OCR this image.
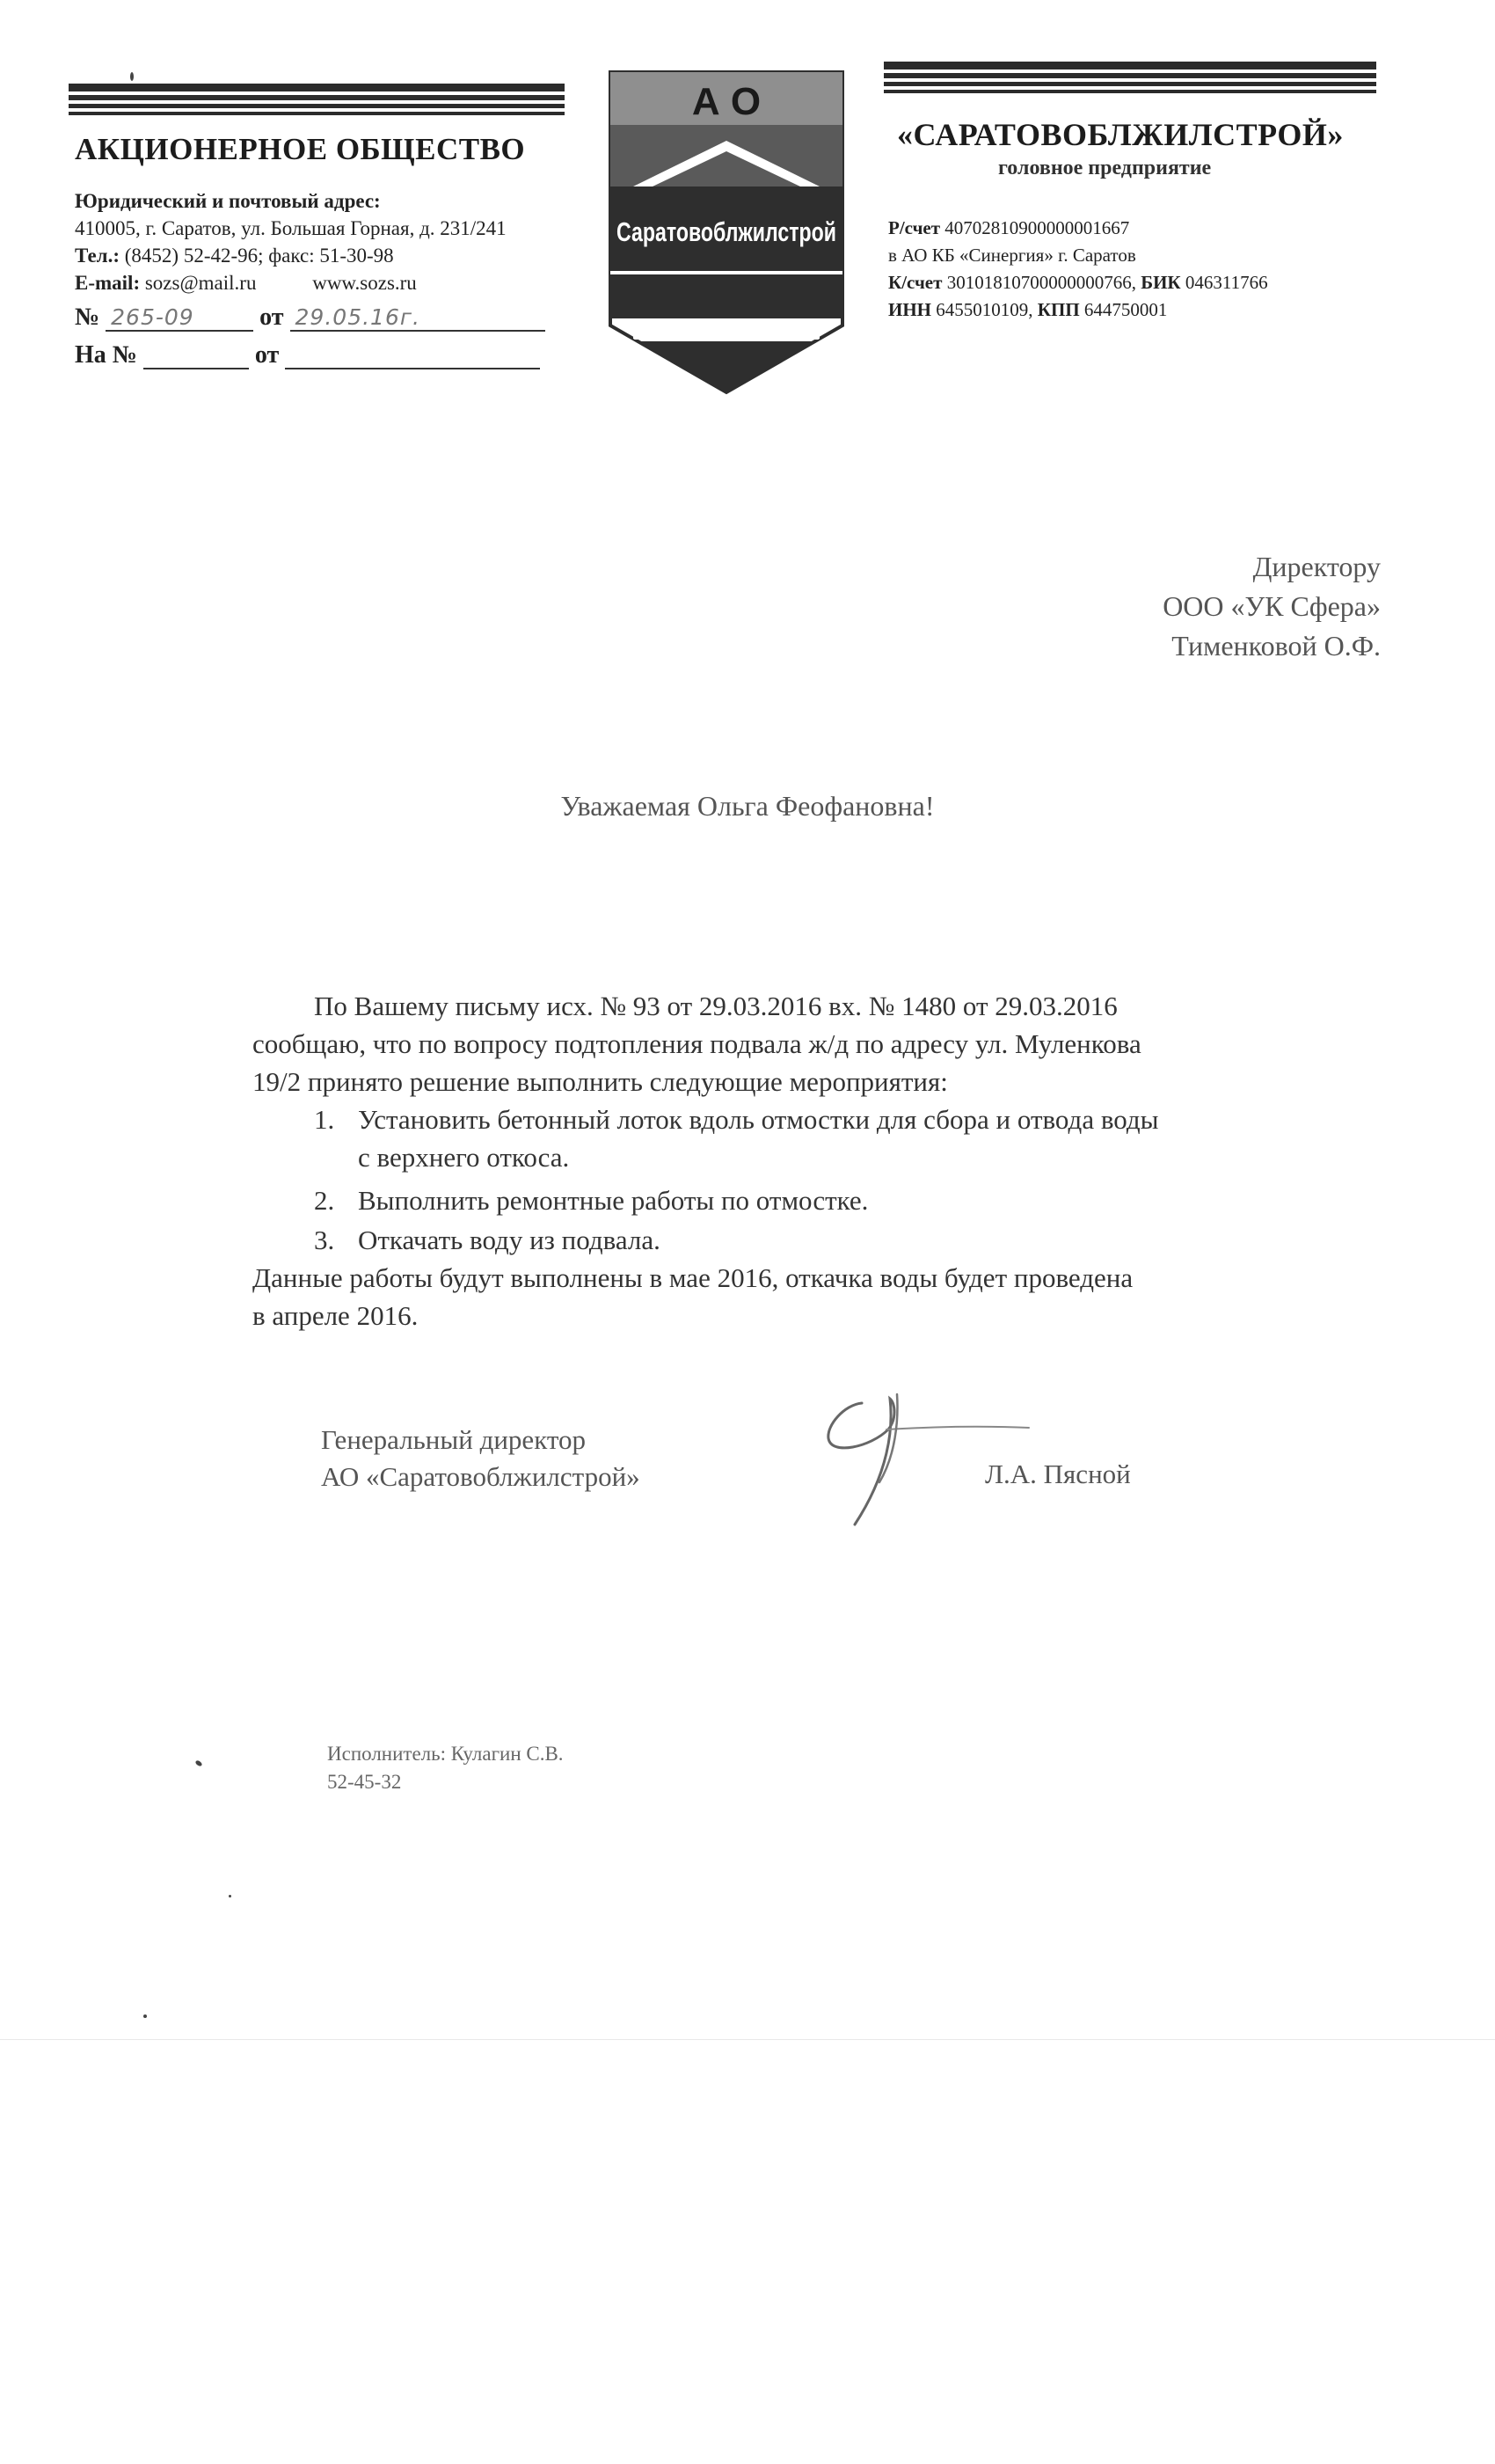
АКЦИОНЕРНОЕ ОБЩЕСТВО
Юридический и почтовый адрес:
410005, г. Саратов, ул. Большая Горная, д. 231/241
Тел.: (8452) 52-42-96; факс: 51-30-98
E-mail: sozs@mail.ru	www.sozs.ru
№ 265-09	от 29.05.16г.
На №	от
А О
Саратовоблжилстрой
«САРАТОВОБЛЖИЛСТРОЙ»
головное предприятие
Р/счет 40702810900000001667
в АО КБ «Синергия» г. Саратов
К/счет 30101810700000000766, БИК 046311766
ИНН 6455010109, КПП 644750001
Директору
ООО «УК Сфера»
Тименковой О.Ф.
Уважаемая Ольга Феофановна!

По Вашему письму исх. № 93 от 29.03.2016 вх. № 1480 от 29.03.2016

сообщаю, что по вопросу подтопления подвала ж/д по адресу ул. Муленкова

19/2 принято решение выполнить следующие мероприятия:

1. Установить бетонный лоток вдоль отмостки для сбора и отвода воды
с верхнего откоса.
2. Выполнить ремонтные работы по отмостке.
3. Откачать воду из подвала.

Данные работы будут выполнены в мае 2016, откачка воды будет проведена

в апреле 2016.

Генеральный директор
АО «Саратовоблжилстрой»	Л.А. Пясной
Исполнитель: Кулагин С.В.
52-45-32
